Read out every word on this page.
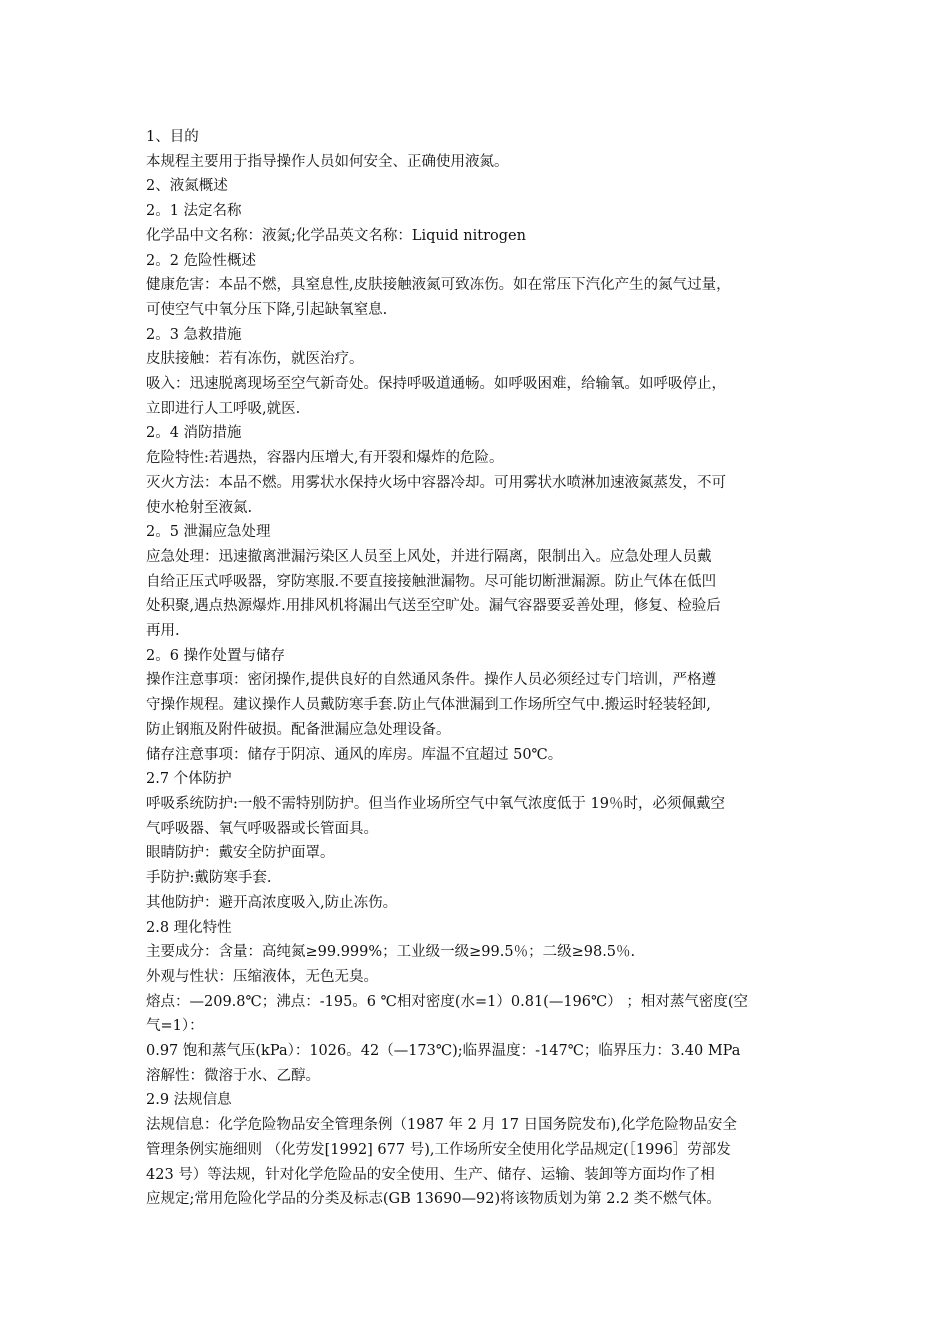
1、目的
本规程主要用于指导操作人员如何安全、正确使用液氮。
2、液氮概述
2。1 法定名称
化学品中文名称：液氮;化学品英文名称：Liquid nitrogen
2。2 危险性概述
健康危害：本品不燃，具窒息性,皮肤接触液氮可致冻伤。如在常压下汽化产生的氮气过量，
可使空气中氧分压下降,引起缺氧窒息.
2。3 急救措施
皮肤接触：若有冻伤，就医治疗。
吸入：迅速脱离现场至空气新奇处。保持呼吸道通畅。如呼吸困难，给输氧。如呼吸停止，
立即进行人工呼吸,就医.
2。4 消防措施
危险特性:若遇热，容器内压增大,有开裂和爆炸的危险。
灭火方法：本品不燃。用雾状水保持火场中容器冷却。可用雾状水喷淋加速液氮蒸发，不可
使水枪射至液氮.
2。5 泄漏应急处理
应急处理：迅速撤离泄漏污染区人员至上风处，并进行隔离，限制出入。应急处理人员戴
自给正压式呼吸器，穿防寒服.不要直接接触泄漏物。尽可能切断泄漏源。防止气体在低凹
处积聚,遇点热源爆炸.用排风机将漏出气送至空旷处。漏气容器要妥善处理，修复、检验后
再用.
2。6 操作处置与储存
操作注意事项：密闭操作,提供良好的自然通风条件。操作人员必须经过专门培训，严格遵
守操作规程。建议操作人员戴防寒手套.防止气体泄漏到工作场所空气中.搬运时轻装轻卸,
防止钢瓶及附件破损。配备泄漏应急处理设备。
储存注意事项：储存于阴凉、通风的库房。库温不宜超过 50℃。
2.7 个体防护
呼吸系统防护:一般不需特别防护。但当作业场所空气中氧气浓度低于 19％时，必须佩戴空
气呼吸器、氧气呼吸器或长管面具。
眼睛防护：戴安全防护面罩。
手防护:戴防寒手套.
其他防护：避开高浓度吸入,防止冻伤。
2.8 理化特性
主要成分：含量：高纯氮≥99.999%；工业级一级≥99.5％；二级≥98.5％.
外观与性状：压缩液体，无色无臭。
熔点：—209.8℃；沸点：-195。6 ℃相对密度(水=1）0.81(—196℃） ；相对蒸气密度(空
气=1）：
0.97 饱和蒸气压(kPa）：1026。42（—173℃);临界温度：-147℃；临界压力：3.40 MPa
溶解性：微溶于水、乙醇。
2.9 法规信息
法规信息：化学危险物品安全管理条例（1987 年 2 月 17 日国务院发布),化学危险物品安全
管理条例实施细则 （化劳发[1992] 677 号),工作场所安全使用化学品规定(［1996］劳部发
423 号）等法规，针对化学危险品的安全使用、生产、储存、运输、装卸等方面均作了相
应规定;常用危险化学品的分类及标志(GB 13690—92)将该物质划为第 2.2 类不燃气体。
